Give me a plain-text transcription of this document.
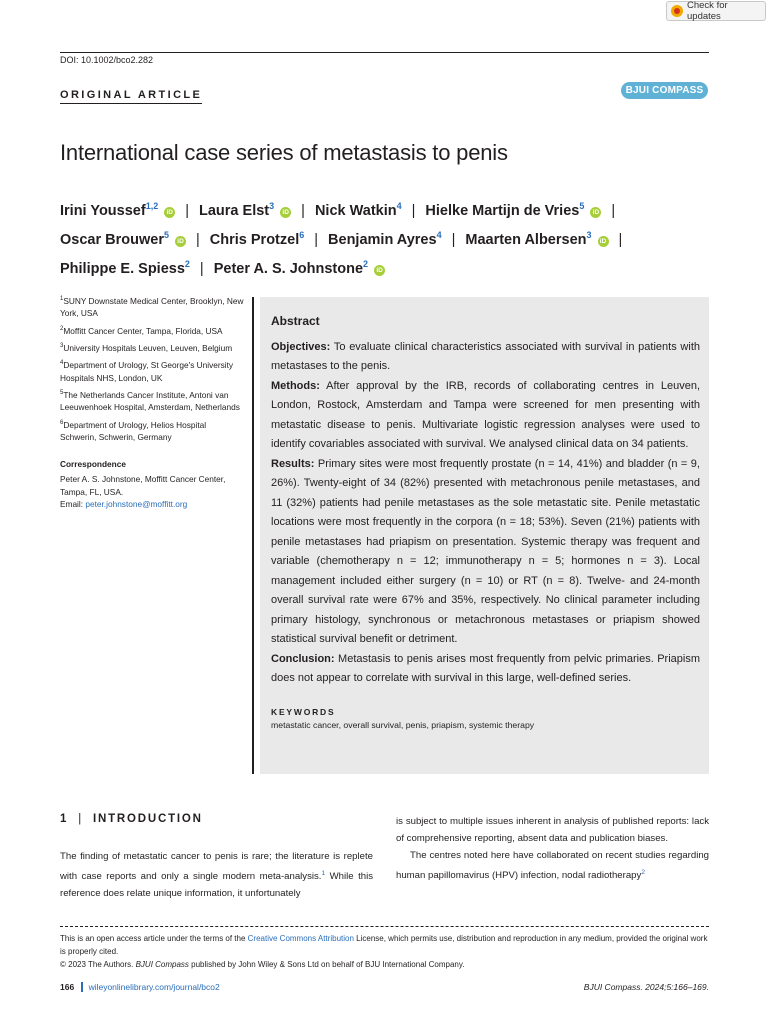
Check for updates
DOI: 10.1002/bco2.282
ORIGINAL ARTICLE	BJUI COMPASS
International case series of metastasis to penis
Irini Youssef$^{1,2}$ iD | Laura Elst$^3$ iD | Nick Watkin$^4$ | Hielke Martijn de Vries$^5$ iD |
Oscar Brouwer$^5$ iD | Chris Protzel$^6$ | Benjamin Ayres$^4$ | Maarten Albersen$^3$ iD |
Philippe E. Spiess$^2$ | Peter A. S. Johnstone$^2$ iD

$^1$SUNY Downstate Medical Center, Brooklyn, New York, USA

$^2$Moffitt Cancer Center, Tampa, Florida, USA

$^3$University Hospitals Leuven, Leuven, Belgium

$^4$Department of Urology, St George's University Hospitals NHS, London, UK

$^5$The Netherlands Cancer Institute, Antoni van Leeuwenhoek Hospital, Amsterdam, Netherlands

$^6$Department of Urology, Helios Hospital Schwerin, Schwerin, Germany

Correspondence

Peter A. S. Johnstone, Moffitt Cancer Center, Tampa, FL, USA.
Email: peter.johnstone@moffitt.org

Abstract

Objectives: To evaluate clinical characteristics associated with survival in patients with metastases to the penis.

Methods: After approval by the IRB, records of collaborating centres in Leuven, London, Rostock, Amsterdam and Tampa were screened for men presenting with metastatic disease to penis. Multivariate logistic regression analyses were used to identify covariables associated with survival. We analysed clinical data on 34 patients.

Results: Primary sites were most frequently prostate (n = 14, 41%) and bladder (n = 9, 26%). Twenty-eight of 34 (82%) presented with metachronous penile metastases, and 11 (32%) patients had penile metastases as the sole metastatic site. Penile metastatic locations were most frequently in the corpora (n = 18; 53%). Seven (21%) patients with penile metastases had priapism on presentation. Systemic therapy was frequent and variable (chemotherapy n = 12; immunotherapy n = 5; hormones n = 3). Local management included either surgery (n = 10) or RT (n = 8). Twelve- and 24-month overall survival rate were 67% and 35%, respectively. No clinical parameter including primary histology, synchronous or metachronous metastases or priapism showed statistical survival benefit or detriment.

Conclusion: Metastasis to penis arises most frequently from pelvic primaries. Priapism does not appear to correlate with survival in this large, well-defined series.

KEYWORDS

metastatic cancer, overall survival, penis, priapism, systemic therapy

1 | INTRODUCTION

The finding of metastatic cancer to penis is rare; the literature is replete with case reports and only a single modern meta-analysis.$^1$ While this reference does relate unique information, it unfortunately

is subject to multiple issues inherent in analysis of published reports: lack of comprehensive reporting, absent data and publication biases.

The centres noted here have collaborated on recent studies regarding human papillomavirus (HPV) infection, nodal radiotherapy$^2$

This is an open access article under the terms of the Creative Commons Attribution License, which permits use, distribution and reproduction in any medium, provided the original work is properly cited.

© 2023 The Authors. BJUI Compass published by John Wiley & Sons Ltd on behalf of BJU International Company.

166 wileyonlinelibrary.com/journal/bco2	BJUI Compass. 2024;5:166–169.
